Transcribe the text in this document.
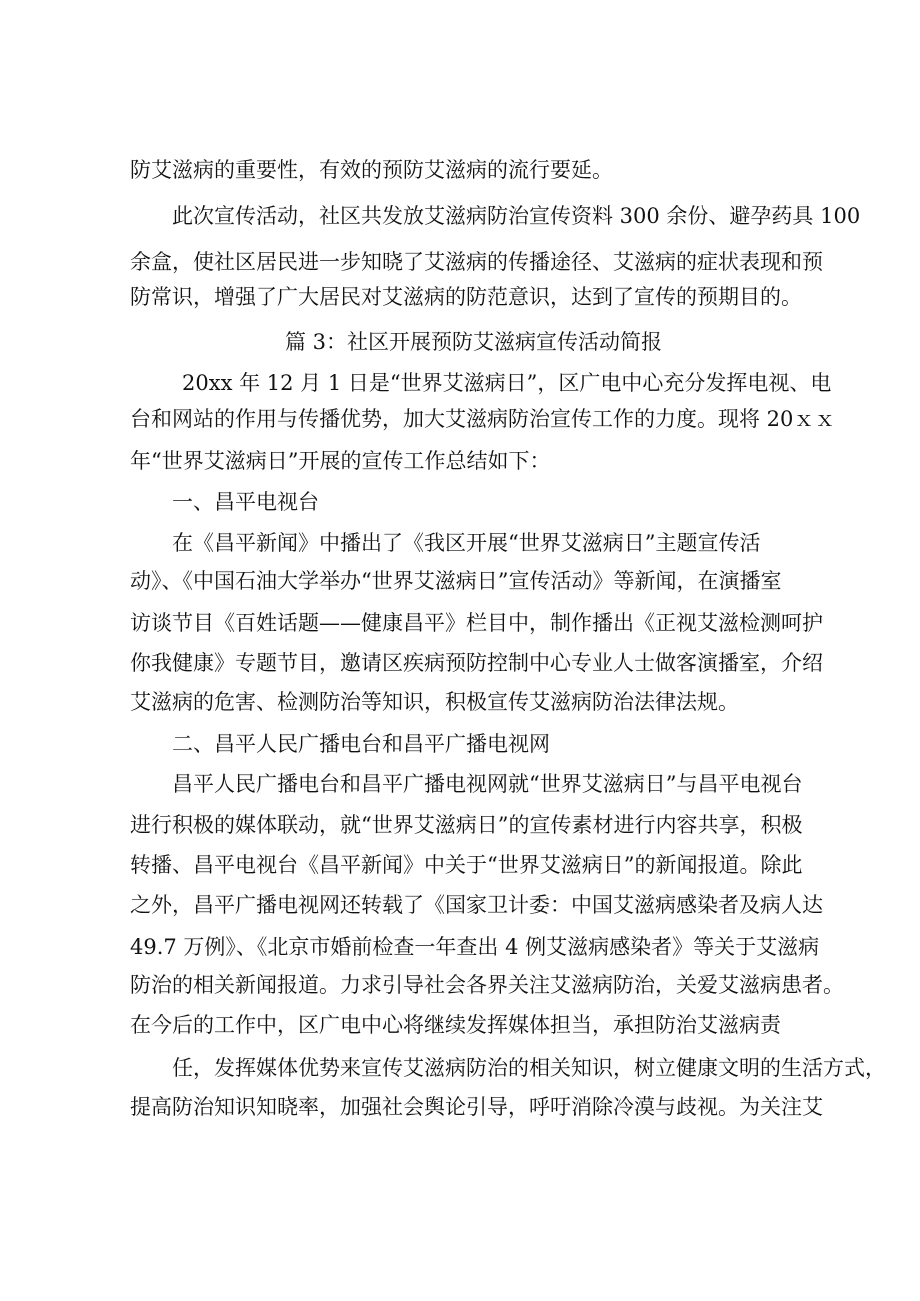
防艾滋病的重要性，有效的预防艾滋病的流行要延。
此次宣传活动，社区共发放艾滋病防治宣传资料 300 余份、避孕药具 100
余盒，使社区居民进一步知晓了艾滋病的传播途径、艾滋病的症状表现和预
防常识，增强了广大居民对艾滋病的防范意识，达到了宣传的预期目的。
篇 3：社区开展预防艾滋病宣传活动简报
20xx 年 12 月 1 日是“世界艾滋病日”，区广电中心充分发挥电视、电
台和网站的作用与传播优势，加大艾滋病防治宣传工作的力度。现将 20ｘｘ
年“世界艾滋病日”开展的宣传工作总结如下：
一、昌平电视台
在《昌平新闻》中播出了《我区开展“世界艾滋病日”主题宣传活
动》、《中国石油大学举办“世界艾滋病日”宣传活动》等新闻，在演播室
访谈节目《百姓话题——健康昌平》栏目中，制作播出《正视艾滋检测呵护
你我健康》专题节目，邀请区疾病预防控制中心专业人士做客演播室，介绍
艾滋病的危害、检测防治等知识，积极宣传艾滋病防治法律法规。
二、昌平人民广播电台和昌平广播电视网
昌平人民广播电台和昌平广播电视网就“世界艾滋病日”与昌平电视台
进行积极的媒体联动，就“世界艾滋病日”的宣传素材进行内容共享，积极
转播、昌平电视台《昌平新闻》中关于“世界艾滋病日”的新闻报道。除此
之外，昌平广播电视网还转载了《国家卫计委：中国艾滋病感染者及病人达
49.7 万例》、《北京市婚前检查一年查出 4 例艾滋病感染者》等关于艾滋病
防治的相关新闻报道。力求引导社会各界关注艾滋病防治，关爱艾滋病患者。
在今后的工作中，区广电中心将继续发挥媒体担当，承担防治艾滋病责
任，发挥媒体优势来宣传艾滋病防治的相关知识，树立健康文明的生活方式，
提高防治知识知晓率，加强社会舆论引导，呼吁消除冷漠与歧视。为关注艾
